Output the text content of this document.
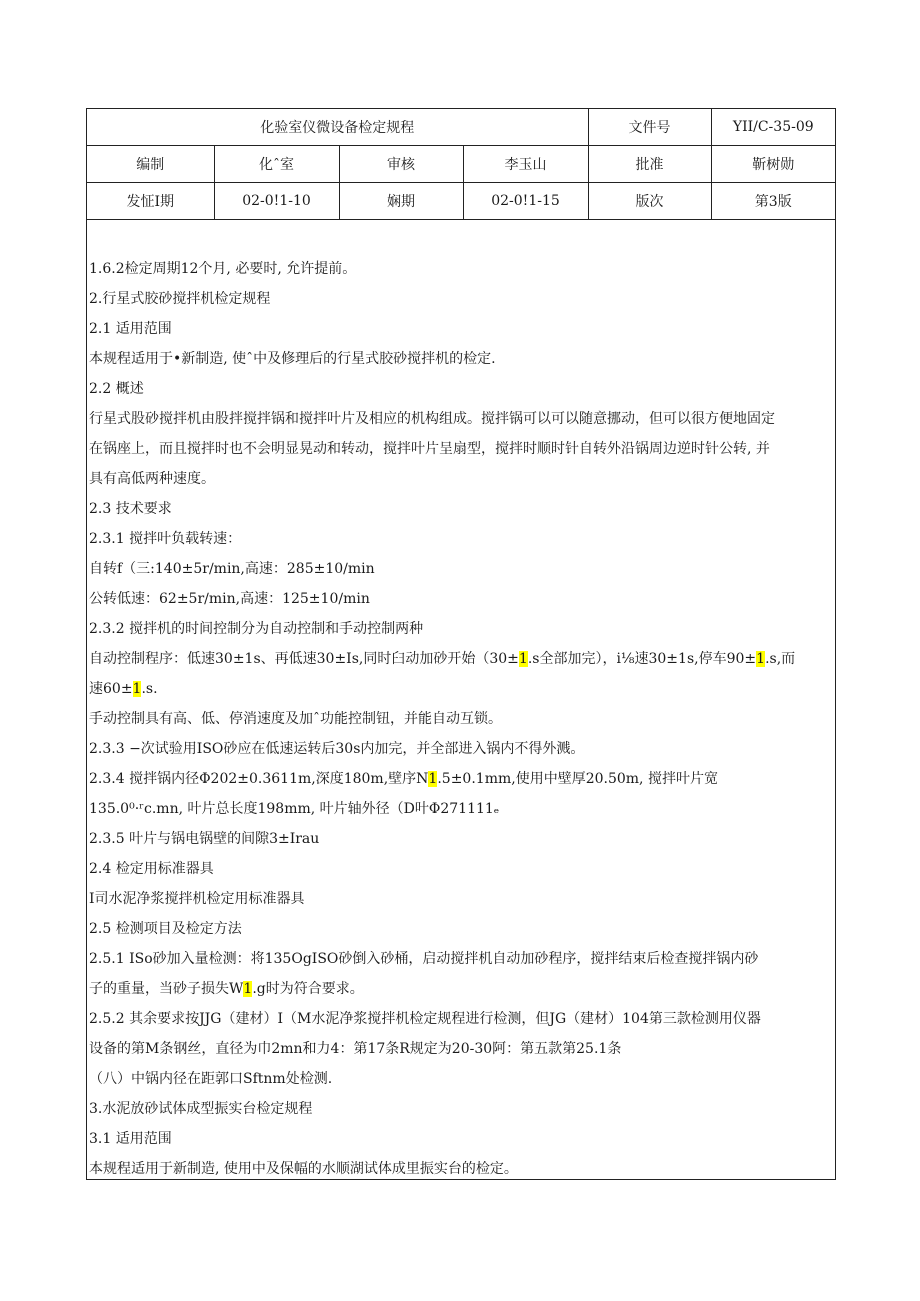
化验室仪微设备检定规程				文件号	YII/C-35-09
编制	化ˆ室	审核	李玉山	批准	靳树勋
发怔I期	02-0!1-10	娴期	02-0!1-15	版次	第3版
1.6.2检定周期12个月, 必要时, 允许提前。
2.行星式胶砂搅拌机检定规程
2.1 适用范围
本规程适用于•新制造, 使ˆ中及修理后的行星式胶砂搅拌机的检定.
2.2 概述
行星式股砂搅拌机由股拌搅拌锅和搅拌叶片及相应的机构组成。搅拌锅可以可以随意挪动，但可以很方便地固定
在锅座上，而且搅拌时也不会明显晃动和转动，搅拌叶片呈扇型，搅拌时顺时针自转外沿锅周边逆时针公转, 并
具有高低两种速度。
2.3 技术要求
2.3.1 搅拌叶负载转速：
自转f（三:140±5r∕min,高速：285±10∕min
公转低速：62±5r∕min,高速：125±10∕min
2.3.2 搅拌机的时间控制分为自动控制和手动控制两种
自动控制程序：低速30±1s、再低速30±Is,同时臼动加砂开始（30±1.s全部加完），i⅛速30±1s,停车90±1.s,而
速60±1.s.
手动控制具有高、低、停消速度及加ˆ功能控制钮，并能自动互锁。
2.3.3 −次试验用ISO砂应在低速运转后30s内加完，并全部进入锅内不得外溅。
2.3.4 搅拌锅内径Φ202±0.3611m,深度180m,壁序N1.5±0.1mm,使用中壁厚20.50m, 搅拌叶片宽
135.0⁰·ʳc.mn, 叶片总长度198mm, 叶片轴外径（D叶Φ271111ₑ
2.3.5 叶片与锅电锅壁的间隙3±Irau
2.4 检定用标准器具
I司水泥净浆搅拌机检定用标准器具
2.5 检测项目及检定方法
2.5.1 ISo砂加入量检测：将135OgISO砂倒入砂桶，启动搅拌机自动加砂程序，搅拌结束后检查搅拌锅内砂
子的重量，当砂子损失W1.g时为符合要求。
2.5.2 其余要求按JJG（建材）I（M水泥净浆搅拌机检定规程进行检测，但JG（建材）104第三款检测用仪器
设备的第M条钢丝，直径为巾2mn和力4：第17条R规定为20-30阿：第五款第25.1条
（八）中锅内径在距郭口Sftnm处检测.
3.水泥放砂试体成型振实台检定规程
3.1 适用范围
本规程适用于新制造, 使用中及保幅的水顺湖试体成里振实台的检定。
